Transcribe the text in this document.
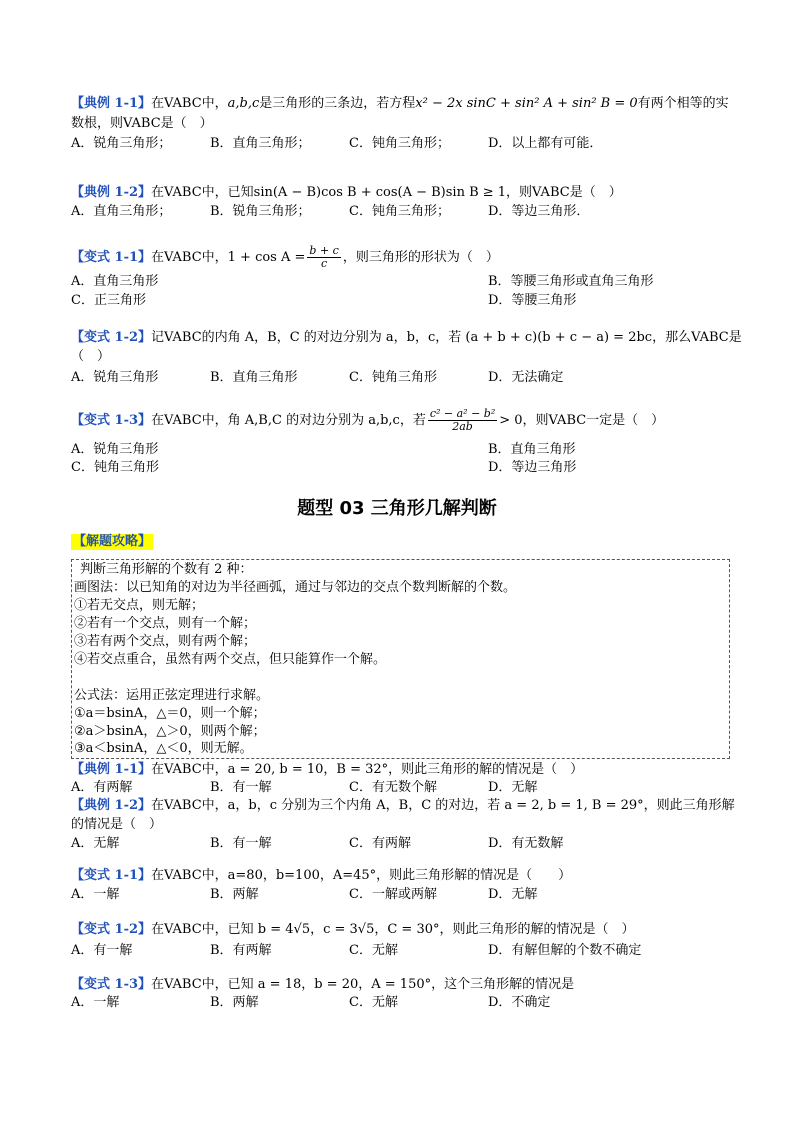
【典例 1-1】在VABC中，a,b,c是三角形的三条边，若方程x² − 2x sinC + sin² A + sin² B = 0有两个相等的实
数根，则VABC是（　）
A．锐角三角形；	B．直角三角形；	C．钝角三角形；	D．以上都有可能．
【典例 1-2】在VABC中，已知sin(A − B)cos B + cos(A − B)sin B ≥ 1，则VABC是（　）
A．直角三角形；	B．锐角三角形；	C．钝角三角形；	D．等边三角形．
【变式 1-1】在VABC中，$1 + \cos A = \frac{b + c}{c}$ ，则三角形的形状为（　）
A．直角三角形	B．等腰三角形或直角三角形
C．正三角形	D．等腰三角形
【变式 1-2】记VABC的内角 A，B，C 的对边分别为 a，b，c，若 (a + b + c)(b + c − a) = 2bc，那么VABC是
（　）
A．锐角三角形	B．直角三角形	C．钝角三角形	D．无法确定
【变式 1-3】在VABC中，角 A,B,C 的对边分别为 a,b,c，若 $\frac{\text{c² − a² − b²}}{2ab} > 0$，则VABC一定是（　）
A．锐角三角形	B．直角三角形
C．钝角三角形	D．等边三角形
题型 03 三角形几解判断
【解题攻略】
判断三角形解的个数有 2 种：
画图法：以已知角的对边为半径画弧，通过与邻边的交点个数判断解的个数。
①若无交点，则无解；
②若有一个交点，则有一个解；
③若有两个交点，则有两个解；
④若交点重合，虽然有两个交点，但只能算作一个解。
公式法：运用正弦定理进行求解。
①a＝bsinA，△＝0，则一个解；
②a＞bsinA，△＞0，则两个解；
③a＜bsinA，△＜0，则无解。
【典例 1-1】在VABC中，a = 20, b = 10，B = 32°，则此三角形的解的情况是（　）
A．有两解	B．有一解	C．有无数个解	D．无解
【典例 1-2】在VABC中，a，b，c 分别为三个内角 A，B，C 的对边，若 a = 2, b = 1, B = 29°，则此三角形解
的情况是（　）
A．无解	B．有一解	C．有两解	D．有无数解
【变式 1-1】在VABC中，a=80，b=100，A=45°，则此三角形解的情况是（　　）
A．一解	B．两解	C．一解或两解	D．无解
【变式 1-2】在VABC中，已知 b = 4√5，c = 3√5，C = 30°，则此三角形的解的情况是（　）
A．有一解	B．有两解	C．无解	D．有解但解的个数不确定
【变式 1-3】在VABC中，已知 a = 18，b = 20，A = 150°，这个三角形解的情况是
A．一解	B．两解	C．无解	D．不确定
